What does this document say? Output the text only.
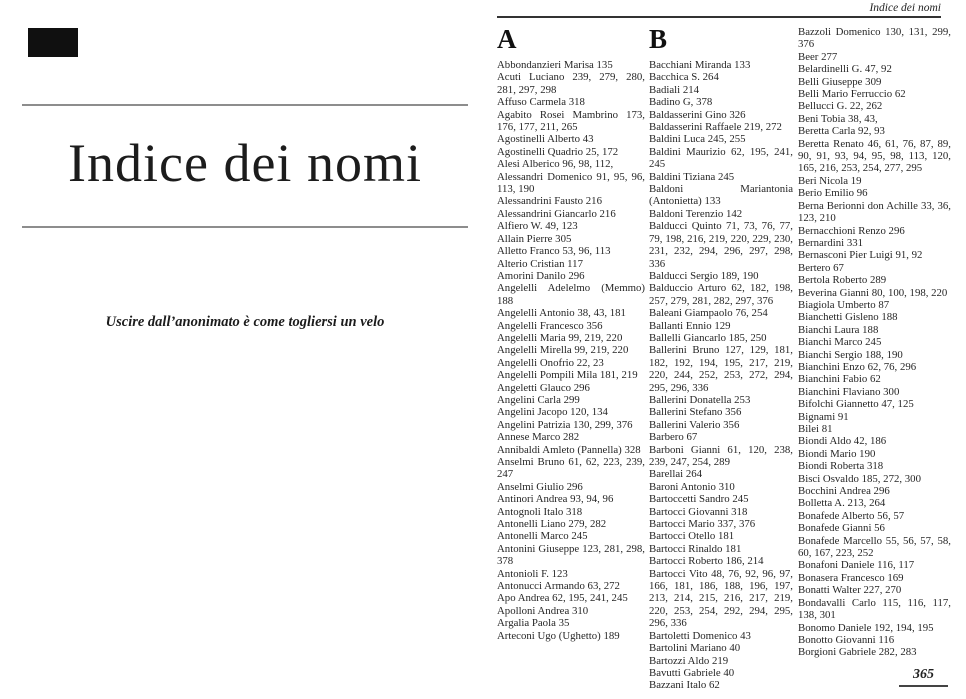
Indice dei nomi

Uscire dall’anonimato è come togliersi un velo

Indice dei nomi
A

Abbondanzieri Marisa 135

Acuti Luciano 239, 279, 280, 281, 297, 298

Affuso Carmela 318

Agabito Rosei Mambrino 173, 176, 177, 211, 265

Agostinelli Alberto 43

Agostinelli Quadrio 25, 172

Alesi Alberico 96, 98, 112,

Alessandri Domenico 91, 95, 96, 113, 190

Alessandrini Fausto 216

Alessandrini Giancarlo 216

Alfiero W. 49, 123

Allain Pierre 305

Alletto Franco 53, 96, 113

Alterio Cristian 117

Amorini Danilo 296

Angelelli Adelelmo (Memmo) 188

Angelelli Antonio 38, 43, 181

Angelelli Francesco 356

Angelelli Maria 99, 219, 220

Angelelli Mirella 99, 219, 220

Angelelli Onofrio 22, 23

Angelelli Pompili Mila 181, 219

Angeletti Glauco 296

Angelini Carla 299

Angelini Jacopo 120, 134

Angelini Patrizia 130, 299, 376

Annese Marco 282

Annibaldi Amleto (Pannella) 328

Anselmi Bruno 61, 62, 223, 239, 247

Anselmi Giulio 296

Antinori Andrea 93, 94, 96

Antognoli Italo 318

Antonelli Liano 279, 282

Antonelli Marco 245

Antonini Giuseppe 123, 281, 298, 378

Antonioli F. 123

Antonucci Armando 63, 272

Apo Andrea 62, 195, 241, 245

Apolloni Andrea 310

Argalia Paola 35

Arteconi Ugo (Ughetto) 189

B

Bacchiani Miranda 133

Bacchica S. 264

Badiali 214

Badino G, 378

Baldasserini Gino 326

Baldasserini Raffaele 219, 272

Baldini Luca 245, 255

Baldini Maurizio 62, 195, 241, 245

Baldini Tiziana 245

Baldoni Mariantonia (Antonietta) 133

Baldoni Terenzio 142

Balducci Quinto 71, 73, 76, 77, 79, 198, 216, 219, 220, 229, 230, 231, 232, 294, 296, 297, 298, 336

Balducci Sergio 189, 190

Balduccio Arturo 62, 182, 198, 257, 279, 281, 282, 297, 376

Baleani Giampaolo 76, 254

Ballanti Ennio 129

Ballelli Giancarlo 185, 250

Ballerini Bruno 127, 129, 181, 182, 192, 194, 195, 217, 219, 220, 244, 252, 253, 272, 294, 295, 296, 336

Ballerini Donatella 253

Ballerini Stefano 356

Ballerini Valerio 356

Barbero 67

Barboni Gianni 61, 120, 238, 239, 247, 254, 289

Barellai 264

Baroni Antonio 310

Bartoccetti Sandro 245

Bartocci Giovanni 318

Bartocci Mario 337, 376

Bartocci Otello 181

Bartocci Rinaldo 181

Bartocci Roberto 186, 214

Bartocci Vito 48, 76, 92, 96, 97, 166, 181, 186, 188, 196, 197, 213, 214, 215, 216, 217, 219, 220, 253, 254, 292, 294, 295, 296, 336

Bartoletti Domenico 43

Bartolini Mariano 40

Bartozzi Aldo 219

Bavutti Gabriele 40

Bazzani Italo 62

Bazzoli Domenico 130, 131, 299, 376

Beer 277

Belardinelli G. 47, 92

Belli Giuseppe 309

Belli Mario Ferruccio 62

Bellucci G. 22, 262

Beni Tobia 38, 43,

Beretta Carla 92, 93

Beretta Renato 46, 61, 76, 87, 89, 90, 91, 93, 94, 95, 98, 113, 120, 165, 216, 253, 254, 277, 295

Beri Nicola 19

Berio Emilio 96

Berna Berionni don Achille 33, 36, 123, 210

Bernacchioni Renzo 296

Bernardini 331

Bernasconi Pier Luigi 91, 92

Bertero 67

Bertola Roberto 289

Beverina Gianni 80, 100, 198, 220

Biagiola Umberto 87

Bianchetti Gisleno 188

Bianchi Laura 188

Bianchi Marco 245

Bianchi Sergio 188, 190

Bianchini Enzo 62, 76, 296

Bianchini Fabio 62

Bianchini Flaviano 300

Bifolchi Giannetto 47, 125

Bignami 91

Bilei 81

Biondi Aldo 42, 186

Biondi Mario 190

Biondi Roberta 318

Bisci Osvaldo 185, 272, 300

Bocchini Andrea 296

Bolletta A. 213, 264

Bonafede Alberto 56, 57

Bonafede Gianni 56

Bonafede Marcello 55, 56, 57, 58, 60, 167, 223, 252

Bonafoni Daniele 116, 117

Bonasera Francesco 169

Bonatti Walter 227, 270

Bondavalli Carlo 115, 116, 117, 138, 301

Bonomo Daniele 192, 194, 195

Bonotto Giovanni 116

Borgioni Gabriele 282, 283

365
